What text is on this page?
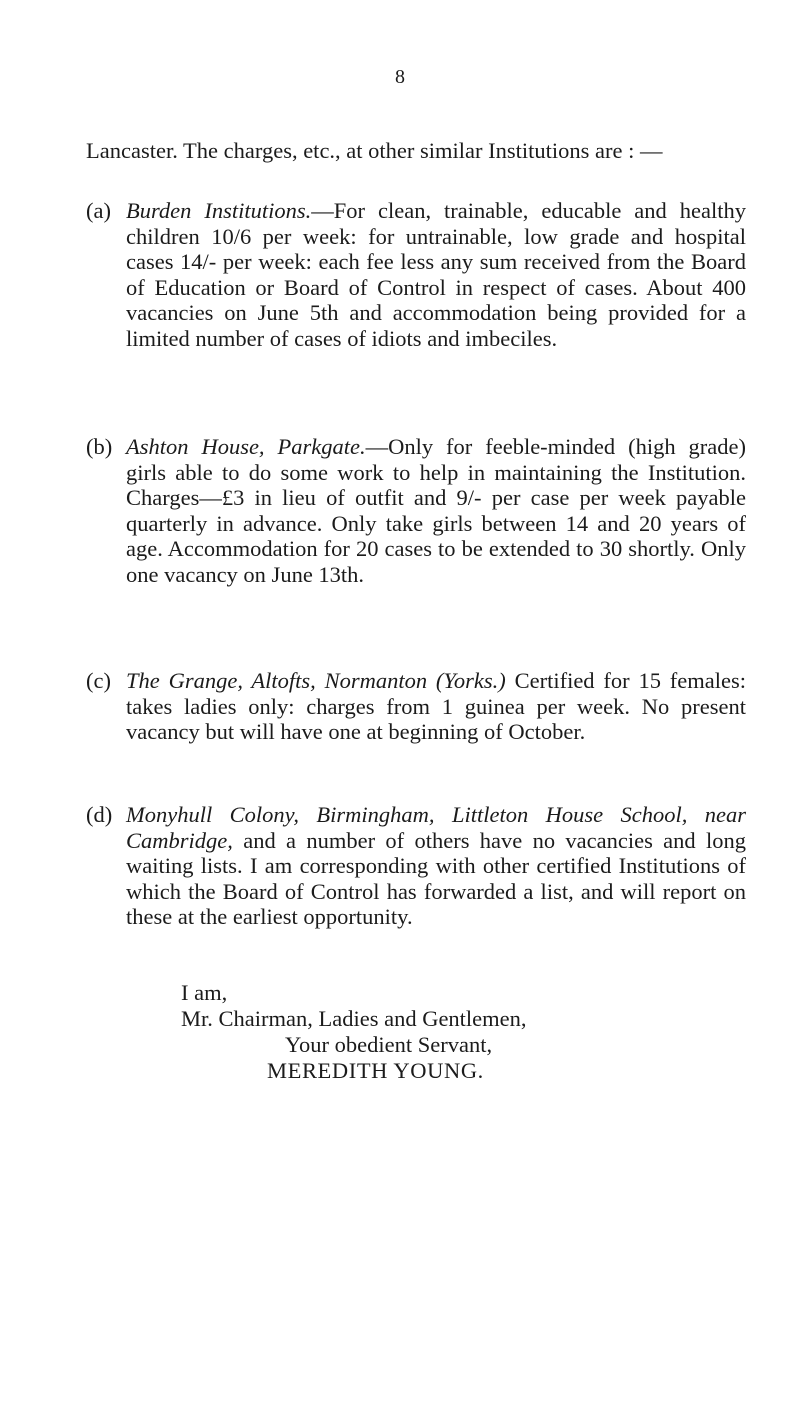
8
Lancaster. The charges, etc., at other similar Institutions are : —
(a) Burden Institutions.—For clean, trainable, educable and healthy children 10/6 per week: for untrainable, low grade and hospital cases 14/- per week: each fee less any sum received from the Board of Education or Board of Control in respect of cases. About 400 vacancies on June 5th and accommodation being provided for a limited number of cases of idiots and imbeciles.
(b) Ashton House, Parkgate.—Only for feeble-minded (high grade) girls able to do some work to help in maintaining the Institution. Charges—£3 in lieu of outfit and 9/- per case per week payable quarterly in advance. Only take girls between 14 and 20 years of age. Accommodation for 20 cases to be extended to 30 shortly. Only one vacancy on June 13th.
(c) The Grange, Altofts, Normanton (Yorks.) Certified for 15 females: takes ladies only: charges from 1 guinea per week. No present vacancy but will have one at beginning of October.
(d) Monyhull Colony, Birmingham, Littleton House School, near Cambridge, and a number of others have no vacancies and long waiting lists. I am corresponding with other certified Institutions of which the Board of Control has forwarded a list, and will report on these at the earliest opportunity.
I am,
Mr. Chairman, Ladies and Gentlemen,
Your obedient Servant,
MEREDITH YOUNG.
